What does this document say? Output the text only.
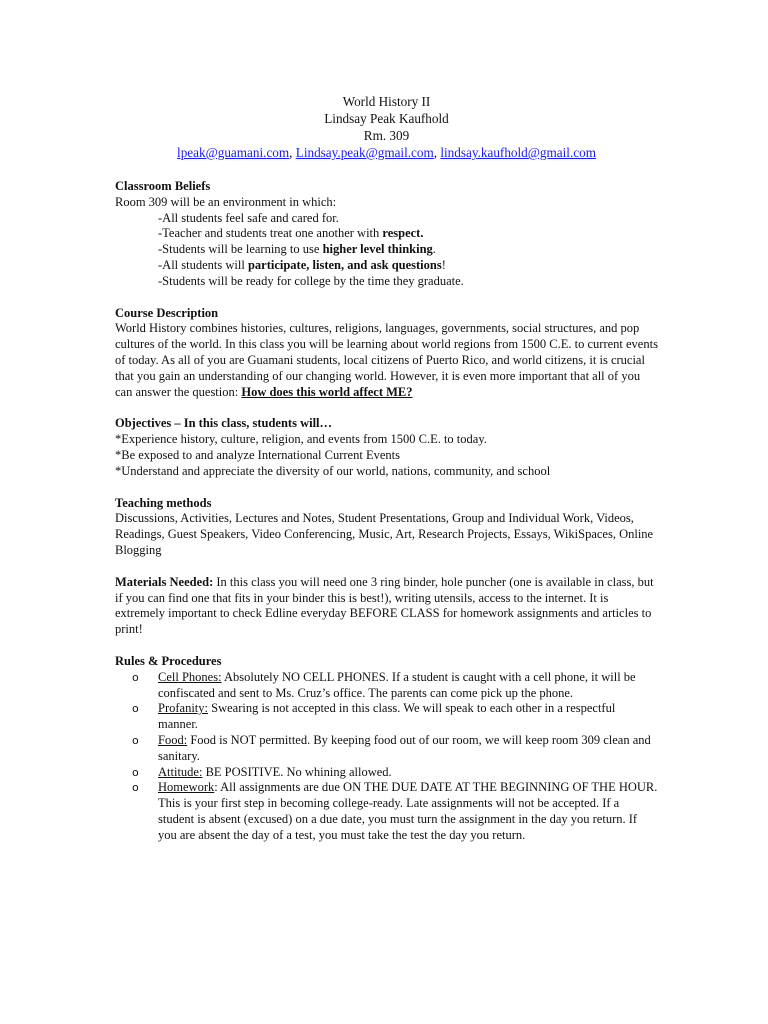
World History II
Lindsay Peak Kaufhold
Rm. 309
lpeak@guamani.com, Lindsay.peak@gmail.com, lindsay.kaufhold@gmail.com
Classroom Beliefs

Room 309 will be an environment in which:

-All students feel safe and cared for.

-Teacher and students treat one another with respect.

-Students will be learning to use higher level thinking.

-All students will participate, listen, and ask questions!

-Students will be ready for college by the time they graduate.

Course Description

World History combines histories, cultures, religions, languages, governments, social structures, and pop cultures of the world. In this class you will be learning about world regions from 1500 C.E. to current events of today. As all of you are Guamani students, local citizens of Puerto Rico, and world citizens, it is crucial that you gain an understanding of our changing world. However, it is even more important that all of you can answer the question: How does this world affect ME?

Objectives – In this class, students will…

*Experience history, culture, religion, and events from 1500 C.E. to today.

*Be exposed to and analyze International Current Events

*Understand and appreciate the diversity of our world, nations, community, and school

Teaching methods

Discussions, Activities, Lectures and Notes, Student Presentations, Group and Individual Work, Videos, Readings, Guest Speakers, Video Conferencing, Music, Art, Research Projects, Essays, WikiSpaces, Online Blogging

Materials Needed: In this class you will need one 3 ring binder, hole puncher (one is available in class, but if you can find one that fits in your binder this is best!), writing utensils, access to the internet. It is extremely important to check Edline everyday BEFORE CLASS for homework assignments and articles to print!

Rules & Procedures
o Cell Phones: Absolutely NO CELL PHONES. If a student is caught with a cell phone, it will be confiscated and sent to Ms. Cruz’s office. The parents can come pick up the phone.
o Profanity: Swearing is not accepted in this class. We will speak to each other in a respectful manner.
o Food: Food is NOT permitted. By keeping food out of our room, we will keep room 309 clean and sanitary.
o Attitude: BE POSITIVE. No whining allowed.
o Homework: All assignments are due ON THE DUE DATE AT THE BEGINNING OF THE HOUR. This is your first step in becoming college-ready. Late assignments will not be accepted. If a student is absent (excused) on a due date, you must turn the assignment in the day you return. If you are absent the day of a test, you must take the test the day you return.
